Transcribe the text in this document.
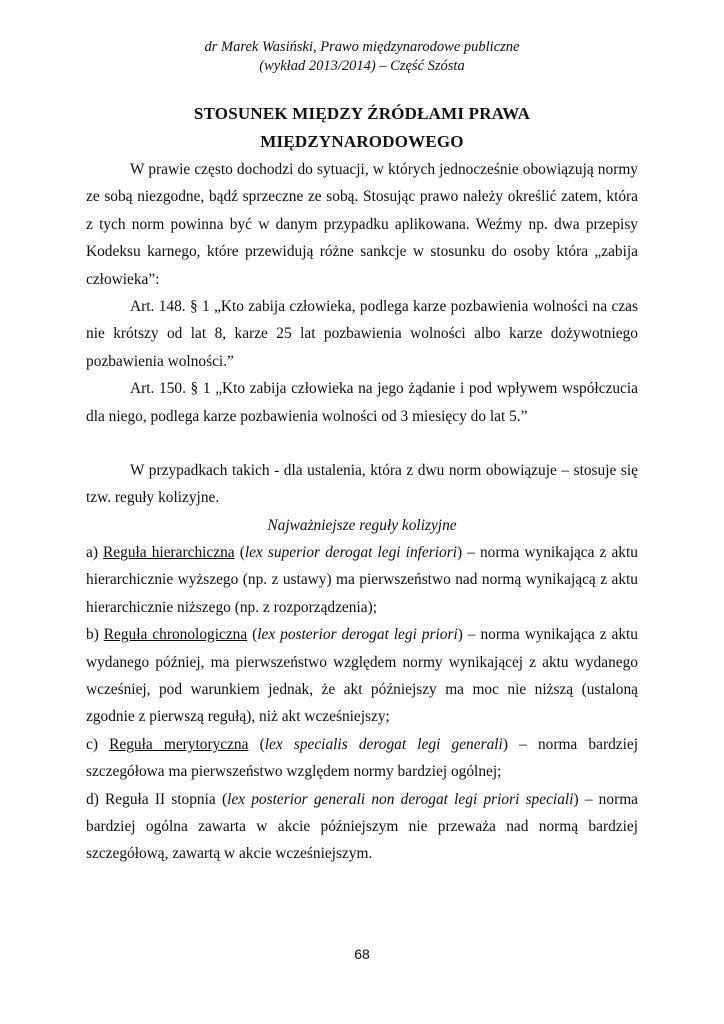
dr Marek Wasiński, Prawo międzynarodowe publiczne
(wykład 2013/2014) – Część Szósta

STOSUNEK MIĘDZY ŹRÓDŁAMI PRAWA
MIĘDZYNARODOWEGO

W prawie często dochodzi do sytuacji, w których jednocześnie obowiązują normy ze sobą niezgodne, bądź sprzeczne ze sobą. Stosując prawo należy określić zatem, która z tych norm powinna być w danym przypadku aplikowana. Weźmy np. dwa przepisy Kodeksu karnego, które przewidują różne sankcje w stosunku do osoby która „zabija człowieka”:

Art. 148. § 1 „Kto zabija człowieka, podlega karze pozbawienia wolności na czas nie krótszy od lat 8, karze 25 lat pozbawienia wolności albo karze dożywotniego pozbawienia wolności.”

Art. 150. § 1 „Kto zabija człowieka na jego żądanie i pod wpływem współczucia dla niego, podlega karze pozbawienia wolności od 3 miesięcy do lat 5.”

W przypadkach takich - dla ustalenia, która z dwu norm obowiązuje – stosuje się tzw. reguły kolizyjne.

Najważniejsze reguły kolizyjne

a) Reguła hierarchiczna (lex superior derogat legi inferiori) – norma wynikająca z aktu hierarchicznie wyższego (np. z ustawy) ma pierwszeństwo nad normą wynikającą z aktu hierarchicznie niższego (np. z rozporządzenia);

b) Reguła chronologiczna (lex posterior derogat legi priori) – norma wynikająca z aktu wydanego później, ma pierwszeństwo względem normy wynikającej z aktu wydanego wcześniej, pod warunkiem jednak, że akt późniejszy ma moc nie niższą (ustaloną zgodnie z pierwszą regułą), niż akt wcześniejszy;

c) Reguła merytoryczna (lex specialis derogat legi generali) – norma bardziej szczegółowa ma pierwszeństwo względem normy bardziej ogólnej;

d) Reguła II stopnia (lex posterior generali non derogat legi priori speciali) – norma bardziej ogólna zawarta w akcie późniejszym nie przeważa nad normą bardziej szczegółową, zawartą w akcie wcześniejszym.

68
